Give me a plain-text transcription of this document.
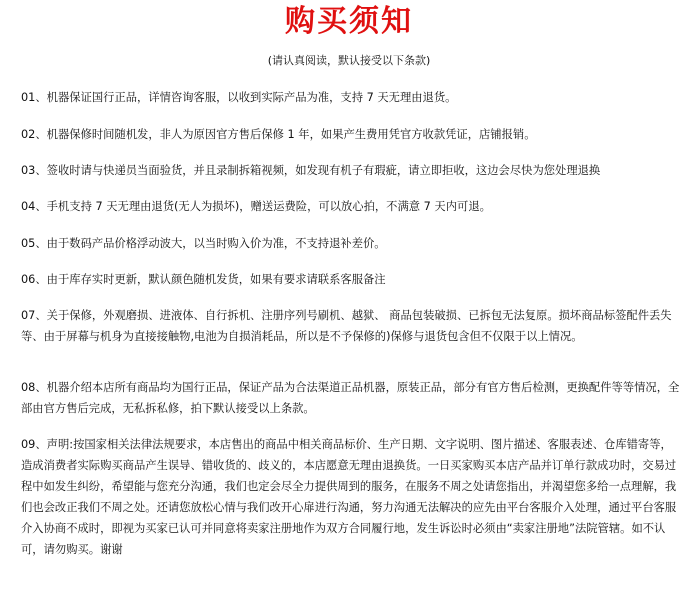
购买须知
(请认真阅读，默认接受以下条款)
01、机器保证国行正品，详情咨询客服，以收到实际产品为准，支持 7 天无理由退货。
02、机器保修时间随机发，非人为原因官方售后保修 1 年，如果产生费用凭官方收款凭证，店铺报销。
03、签收时请与快递员当面验货，并且录制拆箱视频，如发现有机子有瑕疵，请立即拒收，这边会尽快为您处理退换
04、手机支持 7 天无理由退货(无人为损坏)，赠送运费险，可以放心拍，不满意 7 天内可退。
05、由于数码产品价格浮动波大，以当时购入价为准，不支持退补差价。
06、由于库存实时更新，默认颜色随机发货，如果有要求请联系客服备注
07、关于保修，外观磨损、进液体、自行拆机、注册序列号刷机、越狱、 商品包装破损、已拆包无法复原。损坏商品标签配件丢失等、由于屏幕与机身为直接接触物,电池为自损消耗品，所以是不予保修的)保修与退货包含但不仅限于以上情况。
08、机器介绍本店所有商品均为国行正品，保证产品为合法渠道正品机器，原装正品，部分有官方售后检测，更换配件等等情况，全部由官方售后完成，无私拆私修，拍下默认接受以上条款。
09、声明:按国家相关法律法规要求，本店售出的商品中相关商品标价、生产日期、文字说明、图片描述、客服表述、仓库错寄等，造成消费者实际购买商品产生误导、错收货的、歧义的，本店愿意无理由退换货。一日买家购买本店产品并订单行款成功时，交易过程中如发生纠纷，希望能与您充分沟通，我们也定会尽全力提供周到的服务，在服务不周之处请您指出，并渴望您多给一点理解，我们也会改正我们不周之处。还请您放松心情与我们改开心扉进行沟通，努力沟通无法解决的应先由平台客服介入处理，通过平台客服介入协商不成时，即视为买家已认可并同意将卖家注册地作为双方合同履行地，发生诉讼时必须由“卖家注册地”法院管辖。如不认可，请勿购买。谢谢
